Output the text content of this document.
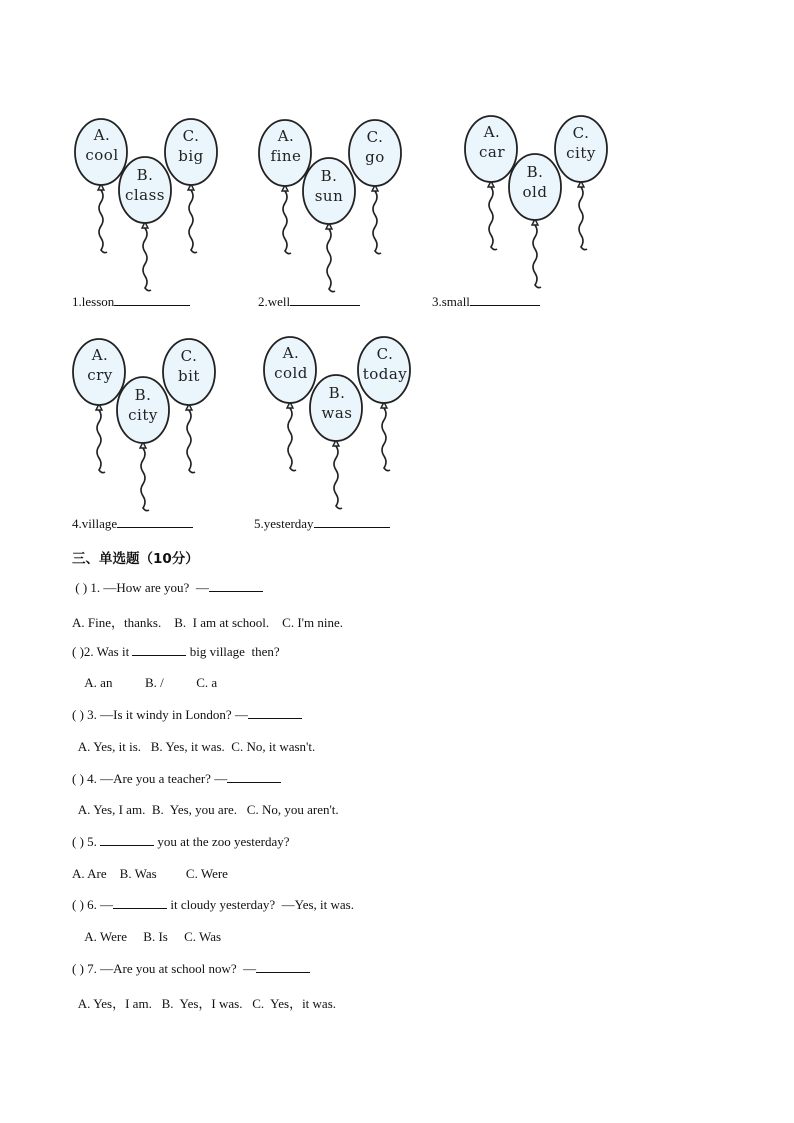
A.
cool
B.
class
C.
big
A.
fine
B.
sun
C.
go
A.
car
B.
old
C.
city
A.
cry
B.
city
C.
bit
A.
cold
B.
was
C.
today
1.lesson	2.well	3.small
4.village	5.yesterday
三、单选题（10分）
( ) 1. —How are you?  —
A. Fine，thanks.    B.  I am at school.    C. I'm nine.
( )2. Was it	big village  then?
A. an          B. /          C. a
( ) 3. —Is it windy in London? —
A. Yes, it is.   B. Yes, it was.  C. No, it wasn't.
( ) 4. —Are you a teacher? —
A. Yes, I am.  B.  Yes, you are.   C. No, you aren't.
( ) 5.	you at the zoo yesterday?
A. Are    B. Was         C. Were
( ) 6. —	it cloudy yesterday?  —Yes, it was.
A. Were     B. Is     C. Was
( ) 7. —Are you at school now?  —
A. Yes，I am.   B.  Yes，I was.   C.  Yes，it was.
